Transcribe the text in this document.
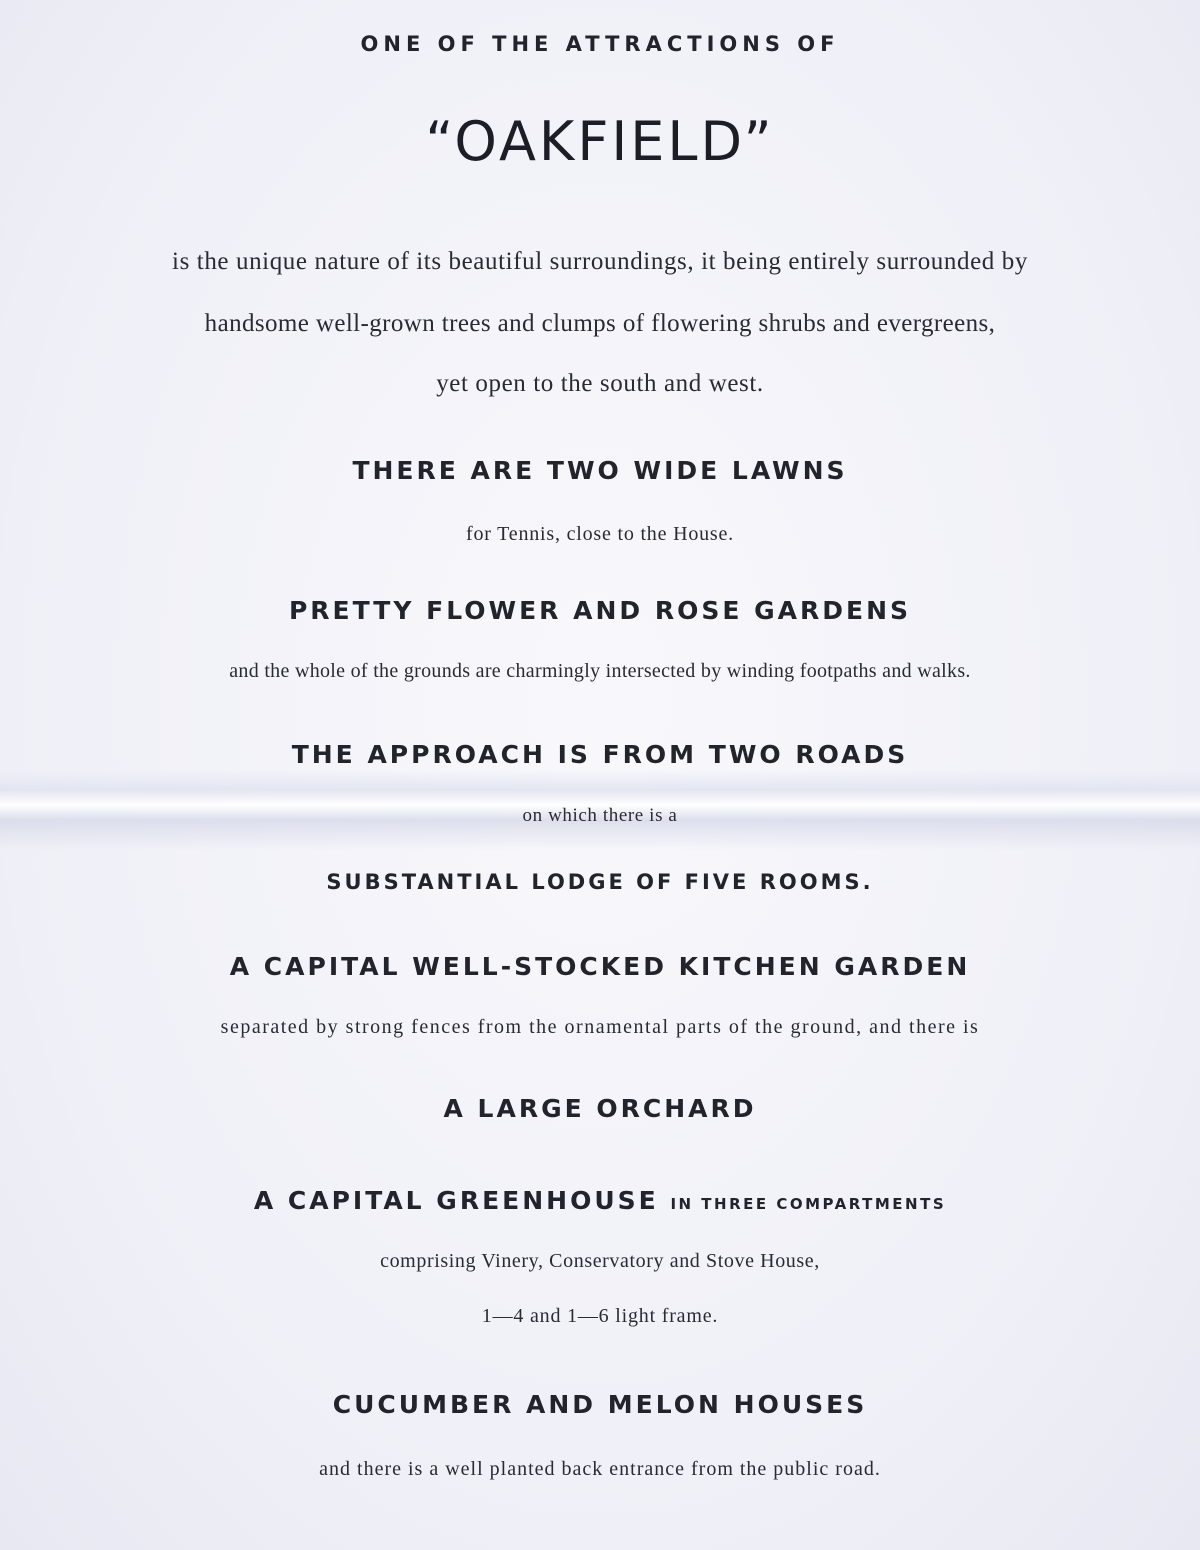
ONE OF THE ATTRACTIONS OF
“OAKFIELD”
is the unique nature of its beautiful surroundings, it being entirely surrounded by
handsome well-grown trees and clumps of flowering shrubs and evergreens,
yet open to the south and west.
THERE ARE TWO WIDE LAWNS
for Tennis, close to the House.
PRETTY FLOWER AND ROSE GARDENS
and the whole of the grounds are charmingly intersected by winding footpaths and walks.
THE APPROACH IS FROM TWO ROADS
on which there is a
SUBSTANTIAL LODGE OF FIVE ROOMS.
A CAPITAL WELL-STOCKED KITCHEN GARDEN
separated by strong fences from the ornamental parts of the ground, and there is
A LARGE ORCHARD
A CAPITAL GREENHOUSE IN THREE COMPARTMENTS
comprising Vinery, Conservatory and Stove House,
1—4 and 1—6 light frame.
CUCUMBER AND MELON HOUSES
and there is a well planted back entrance from the public road.
